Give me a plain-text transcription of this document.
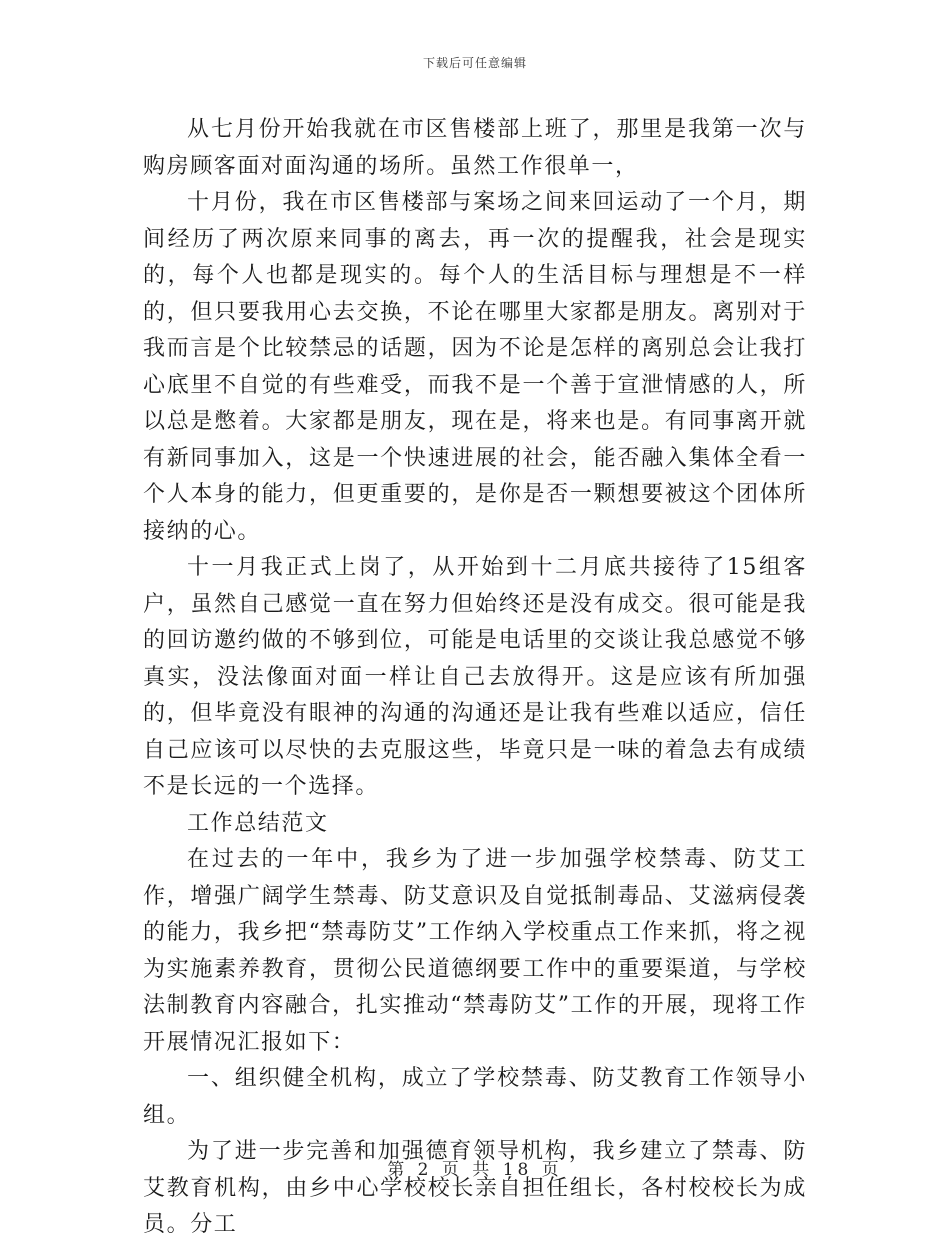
下载后可任意编辑

从七月份开始我就在市区售楼部上班了，那里是我第一次与购房顾客面对面沟通的场所。虽然工作很单一，

十月份，我在市区售楼部与案场之间来回运动了一个月，期间经历了两次原来同事的离去，再一次的提醒我，社会是现实的，每个人也都是现实的。每个人的生活目标与理想是不一样的，但只要我用心去交换，不论在哪里大家都是朋友。离别对于我而言是个比较禁忌的话题，因为不论是怎样的离别总会让我打心底里不自觉的有些难受，而我不是一个善于宣泄情感的人，所以总是憋着。大家都是朋友，现在是，将来也是。有同事离开就有新同事加入，这是一个快速进展的社会，能否融入集体全看一个人本身的能力，但更重要的，是你是否一颗想要被这个团体所接纳的心。

十一月我正式上岗了，从开始到十二月底共接待了15组客户，虽然自己感觉一直在努力但始终还是没有成交。很可能是我的回访邀约做的不够到位，可能是电话里的交谈让我总感觉不够真实，没法像面对面一样让自己去放得开。这是应该有所加强的，但毕竟没有眼神的沟通的沟通还是让我有些难以适应，信任自己应该可以尽快的去克服这些，毕竟只是一味的着急去有成绩不是长远的一个选择。

工作总结范文

在过去的一年中，我乡为了进一步加强学校禁毒、防艾工作，增强广阔学生禁毒、防艾意识及自觉抵制毒品、艾滋病侵袭的能力，我乡把“禁毒防艾”工作纳入学校重点工作来抓，将之视为实施素养教育，贯彻公民道德纲要工作中的重要渠道，与学校法制教育内容融合，扎实推动“禁毒防艾”工作的开展，现将工作开展情况汇报如下：

一、组织健全机构，成立了学校禁毒、防艾教育工作领导小组。

为了进一步完善和加强德育领导机构，我乡建立了禁毒、防艾教育机构，由乡中心学校校长亲自担任组长，各村校校长为成员。分工

第 2 页 共 18 页
